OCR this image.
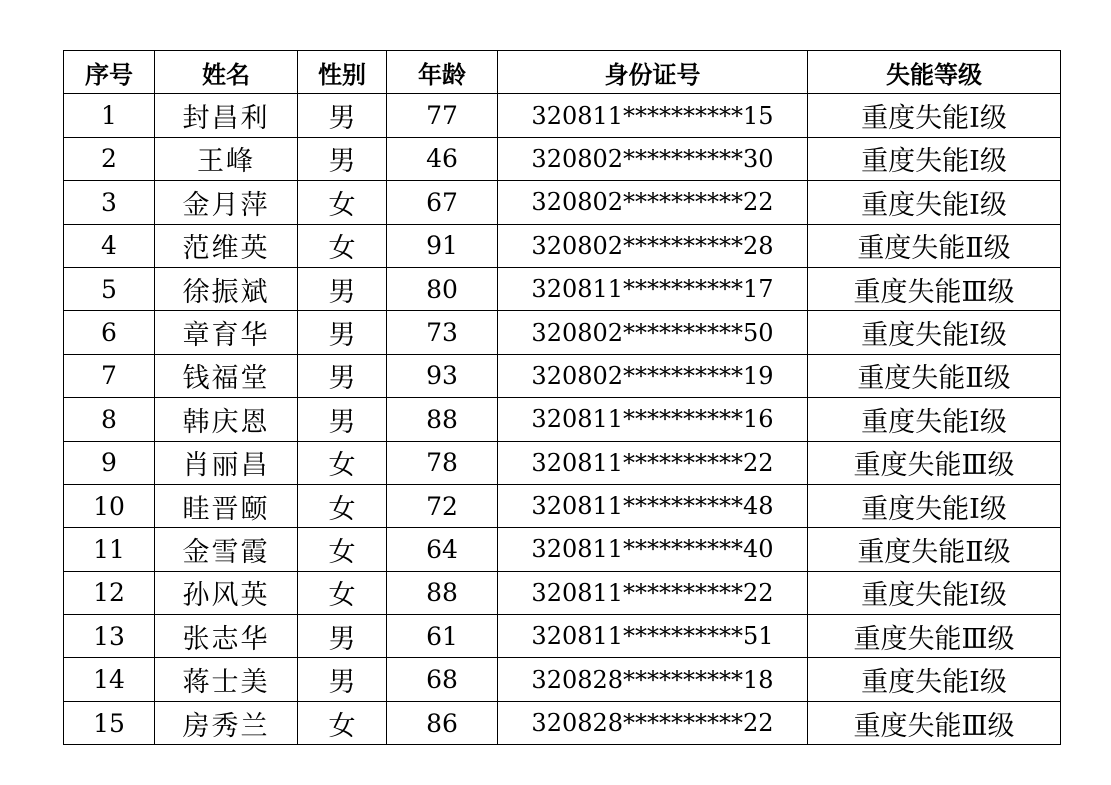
序号	姓名	性别	年龄	身份证号	失能等级
1	封昌利	男	77	320811**********15	重度失能Ⅰ级
2	王峰	男	46	320802**********30	重度失能Ⅰ级
3	金月萍	女	67	320802**********22	重度失能Ⅰ级
4	范维英	女	91	320802**********28	重度失能Ⅱ级
5	徐振斌	男	80	320811**********17	重度失能Ⅲ级
6	章育华	男	73	320802**********50	重度失能Ⅰ级
7	钱福堂	男	93	320802**********19	重度失能Ⅱ级
8	韩庆恩	男	88	320811**********16	重度失能Ⅰ级
9	肖丽昌	女	78	320811**********22	重度失能Ⅲ级
10	眭晋颐	女	72	320811**********48	重度失能Ⅰ级
11	金雪霞	女	64	320811**********40	重度失能Ⅱ级
12	孙风英	女	88	320811**********22	重度失能Ⅰ级
13	张志华	男	61	320811**********51	重度失能Ⅲ级
14	蒋士美	男	68	320828**********18	重度失能Ⅰ级
15	房秀兰	女	86	320828**********22	重度失能Ⅲ级
